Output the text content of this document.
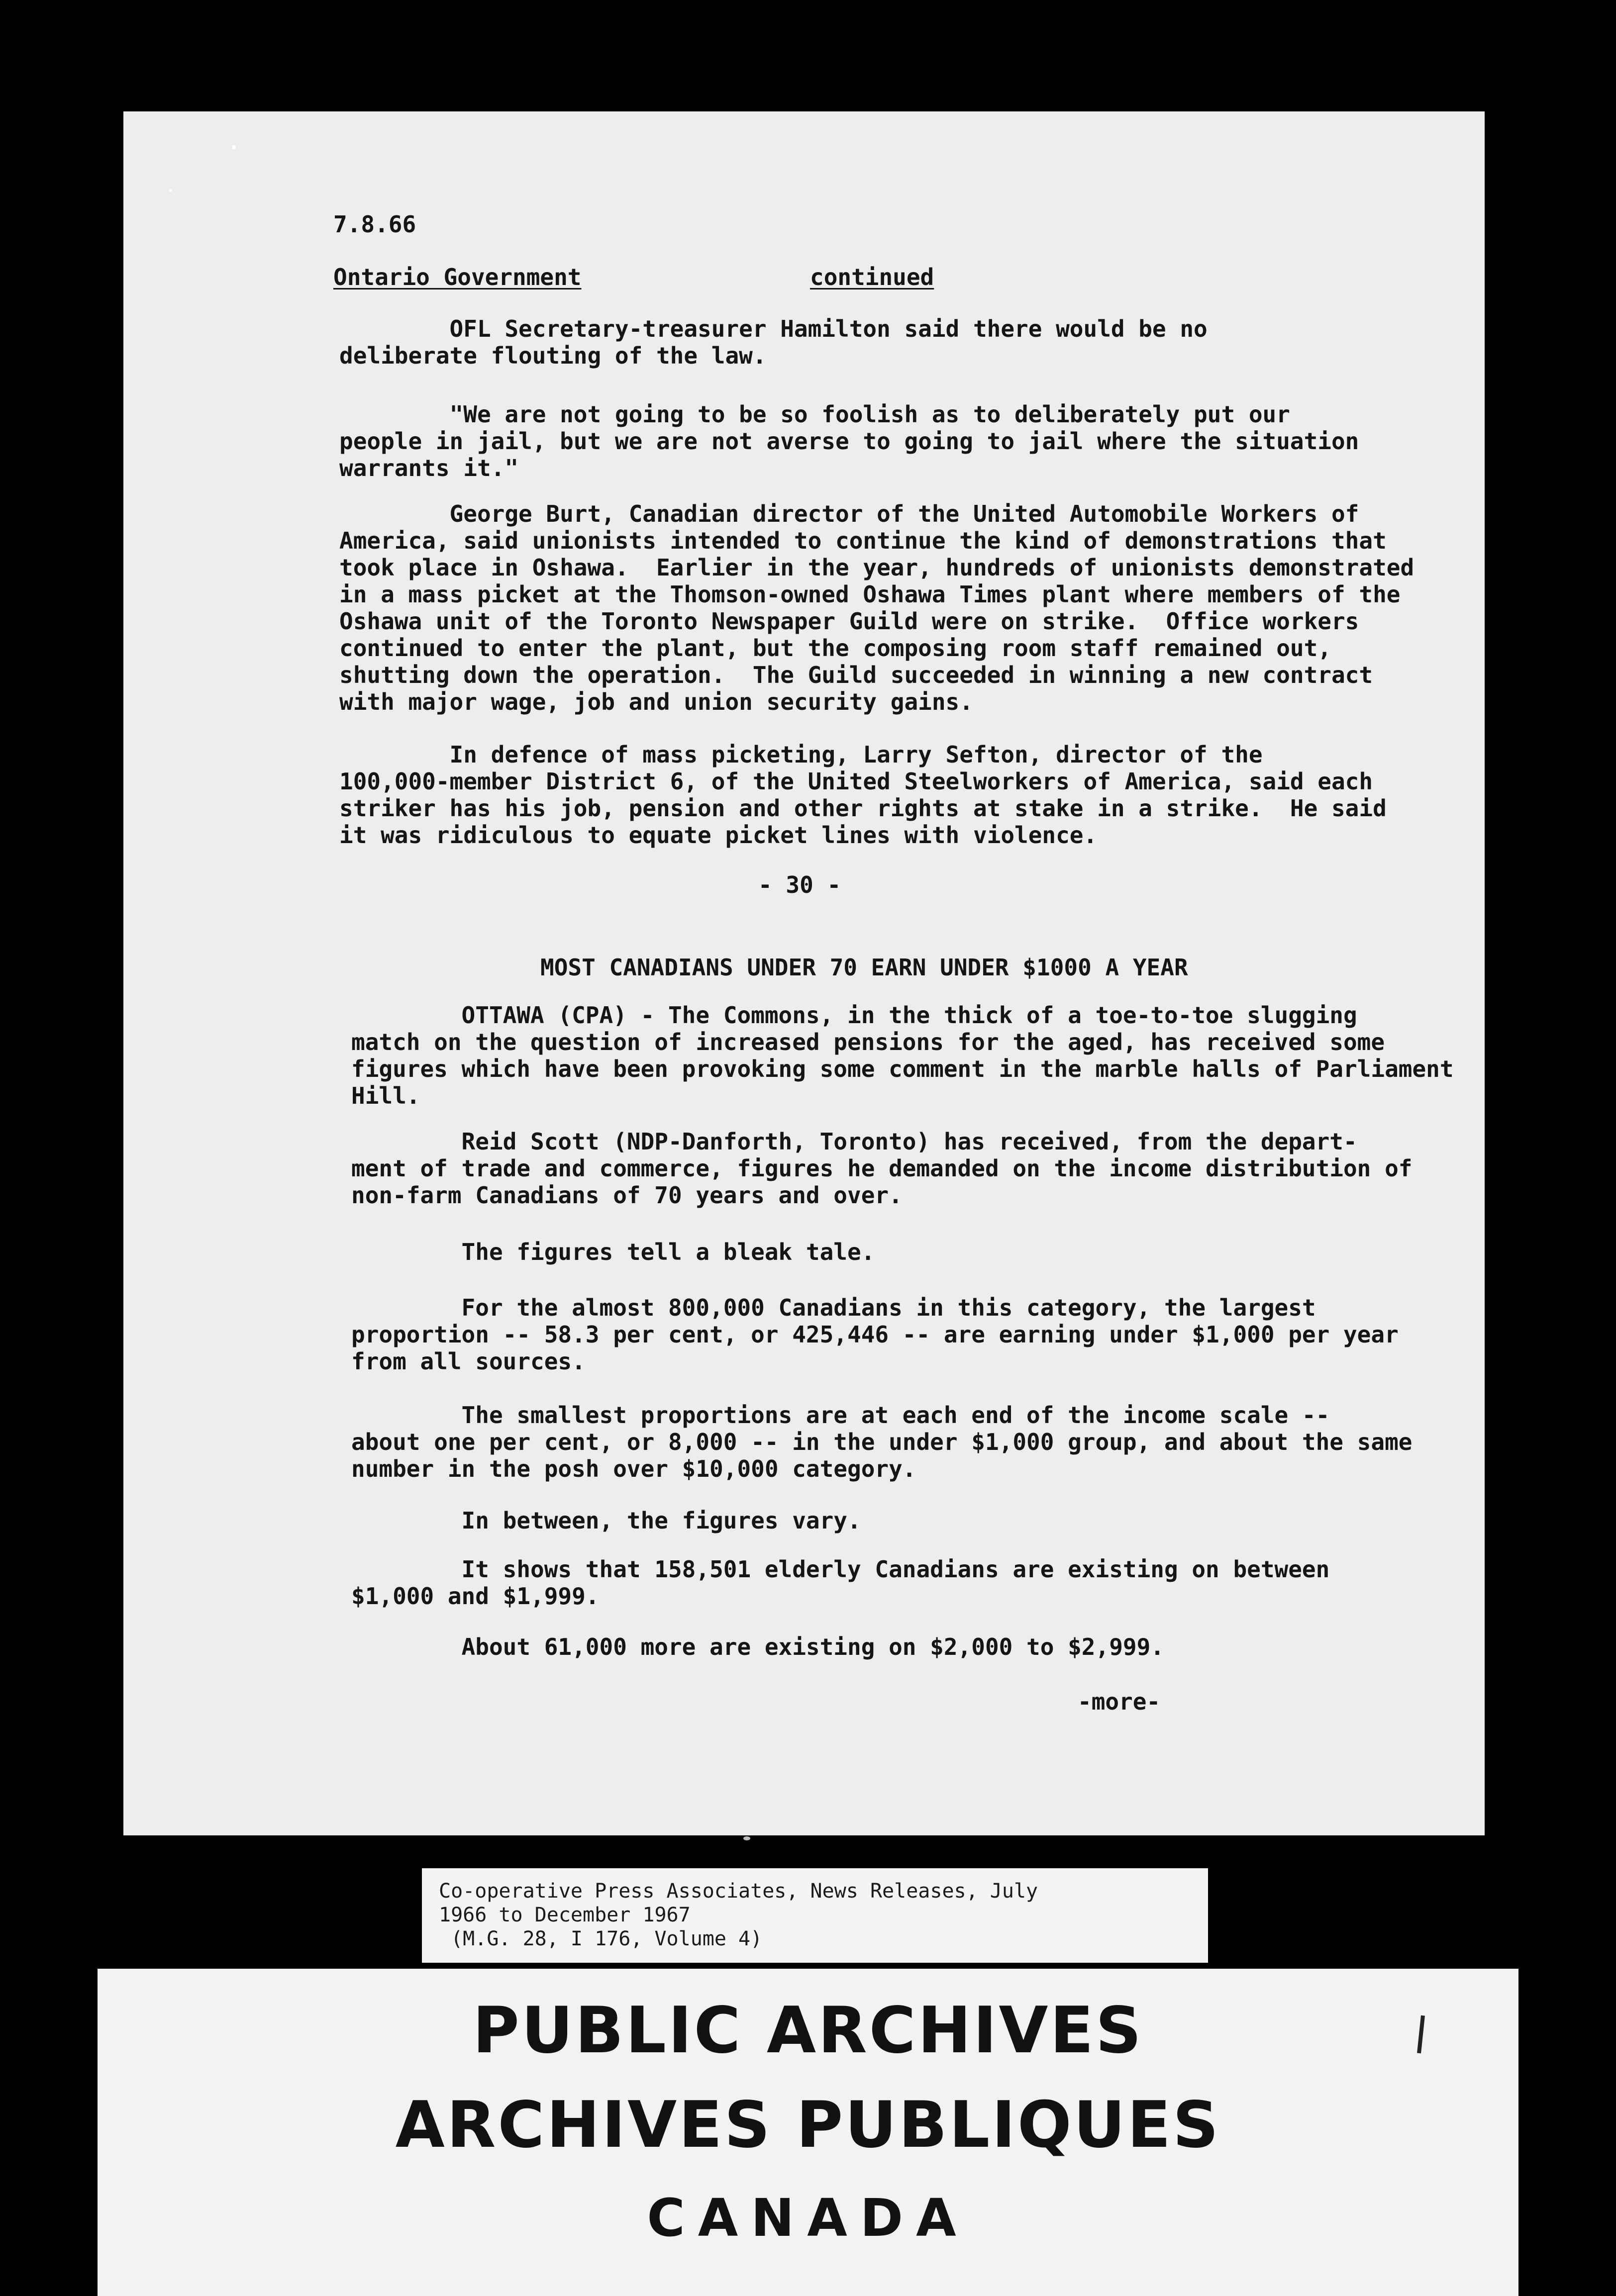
7.8.66

Ontario Government	continued

OFL Secretary-treasurer Hamilton said there would be no
deliberate flouting of the law.

"We are not going to be so foolish as to deliberately put our
people in jail, but we are not averse to going to jail where the situation
warrants it."

George Burt, Canadian director of the United Automobile Workers of
America, said unionists intended to continue the kind of demonstrations that
took place in Oshawa.  Earlier in the year, hundreds of unionists demonstrated
in a mass picket at the Thomson-owned Oshawa Times plant where members of the
Oshawa unit of the Toronto Newspaper Guild were on strike.  Office workers
continued to enter the plant, but the composing room staff remained out,
shutting down the operation.  The Guild succeeded in winning a new contract
with major wage, job and union security gains.

In defence of mass picketing, Larry Sefton, director of the
100,000-member District 6, of the United Steelworkers of America, said each
striker has his job, pension and other rights at stake in a strike.  He said
it was ridiculous to equate picket lines with violence.

- 30 -

MOST CANADIANS UNDER 70 EARN UNDER $1000 A YEAR

OTTAWA (CPA) - The Commons, in the thick of a toe-to-toe slugging
match on the question of increased pensions for the aged, has received some
figures which have been provoking some comment in the marble halls of Parliament
Hill.

Reid Scott (NDP-Danforth, Toronto) has received, from the depart-
ment of trade and commerce, figures he demanded on the income distribution of
non-farm Canadians of 70 years and over.

The figures tell a bleak tale.

For the almost 800,000 Canadians in this category, the largest
proportion -- 58.3 per cent, or 425,446 -- are earning under $1,000 per year
from all sources.

The smallest proportions are at each end of the income scale --
about one per cent, or 8,000 -- in the under $1,000 group, and about the same
number in the posh over $10,000 category.

In between, the figures vary.

It shows that 158,501 elderly Canadians are existing on between
$1,000 and $1,999.

About 61,000 more are existing on $2,000 to $2,999.

-more-

Co-operative Press Associates, News Releases, July

1966 to December 1967

(M.G. 28, I 176, Volume 4)

PUBLIC ARCHIVES

ARCHIVES PUBLIQUES

CANADA
